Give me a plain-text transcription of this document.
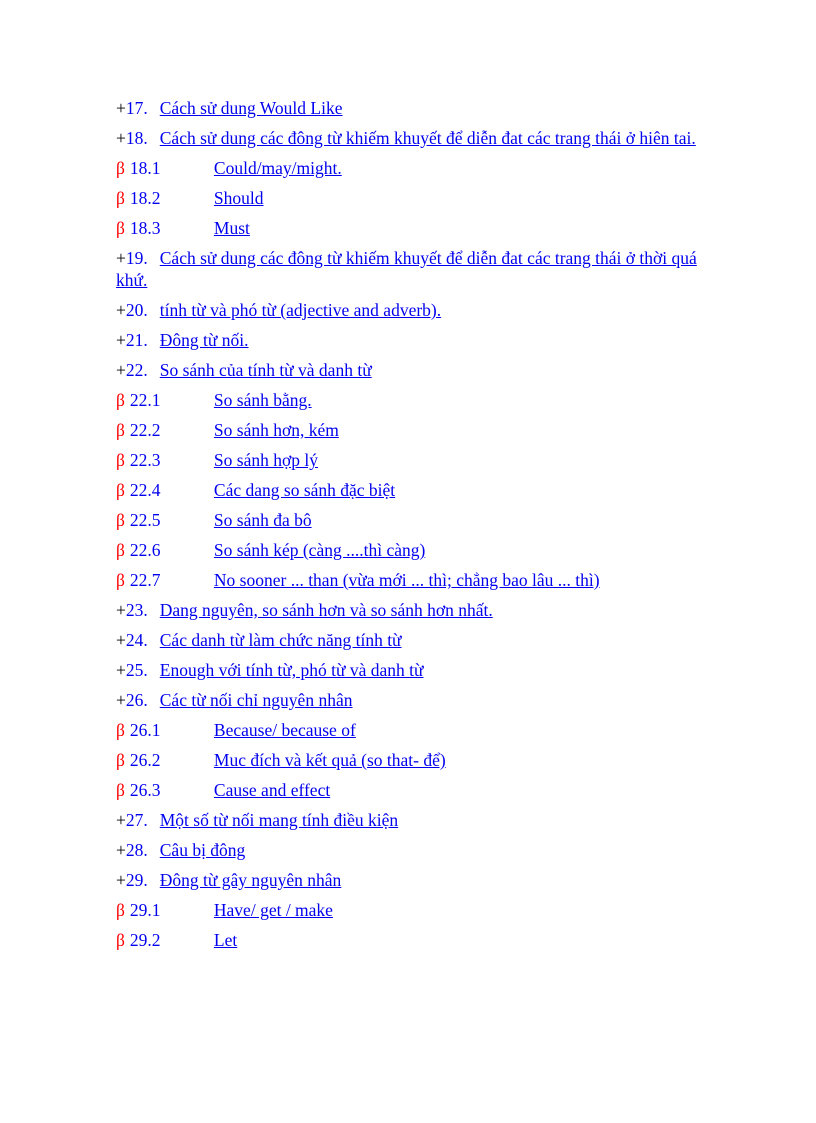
+17. Cách sử dung Would Like
+18. Cách sử dung các đông từ khiếm khuyết để diễn đat các trang thái ở hiên tai.
β 18.1	Could/may/might.
β 18.2	Should
β 18.3	Must
+19. Cách sử dung các đông từ khiếm khuyết để diễn đat các trang thái ở thời quá khứ.
+20. tính từ và phó từ (adjective and adverb).
+21. Đông từ nối.
+22. So sánh của tính từ và danh từ
β 22.1	So sánh bằng.
β 22.2	So sánh hơn, kém
β 22.3	So sánh hợp lý
β 22.4	Các dang so sánh đặc biệt
β 22.5	So sánh đa bô
β 22.6	So sánh kép (càng ....thì càng)
β 22.7	No sooner ... than (vừa mới ... thì; chẳng bao lâu ... thì)
+23. Dang nguyên, so sánh hơn và so sánh hơn nhất.
+24. Các danh từ làm chức năng tính từ
+25. Enough với tính từ, phó từ và danh từ
+26. Các từ nối chỉ nguyên nhân
β 26.1	Because/ because of
β 26.2	Muc đích và kết quả (so that- để)
β 26.3	Cause and effect
+27. Một số từ nối mang tính điều kiện
+28. Câu bị đông
+29. Đông từ gây nguyên nhân
β 29.1	Have/ get / make
β 29.2	Let
